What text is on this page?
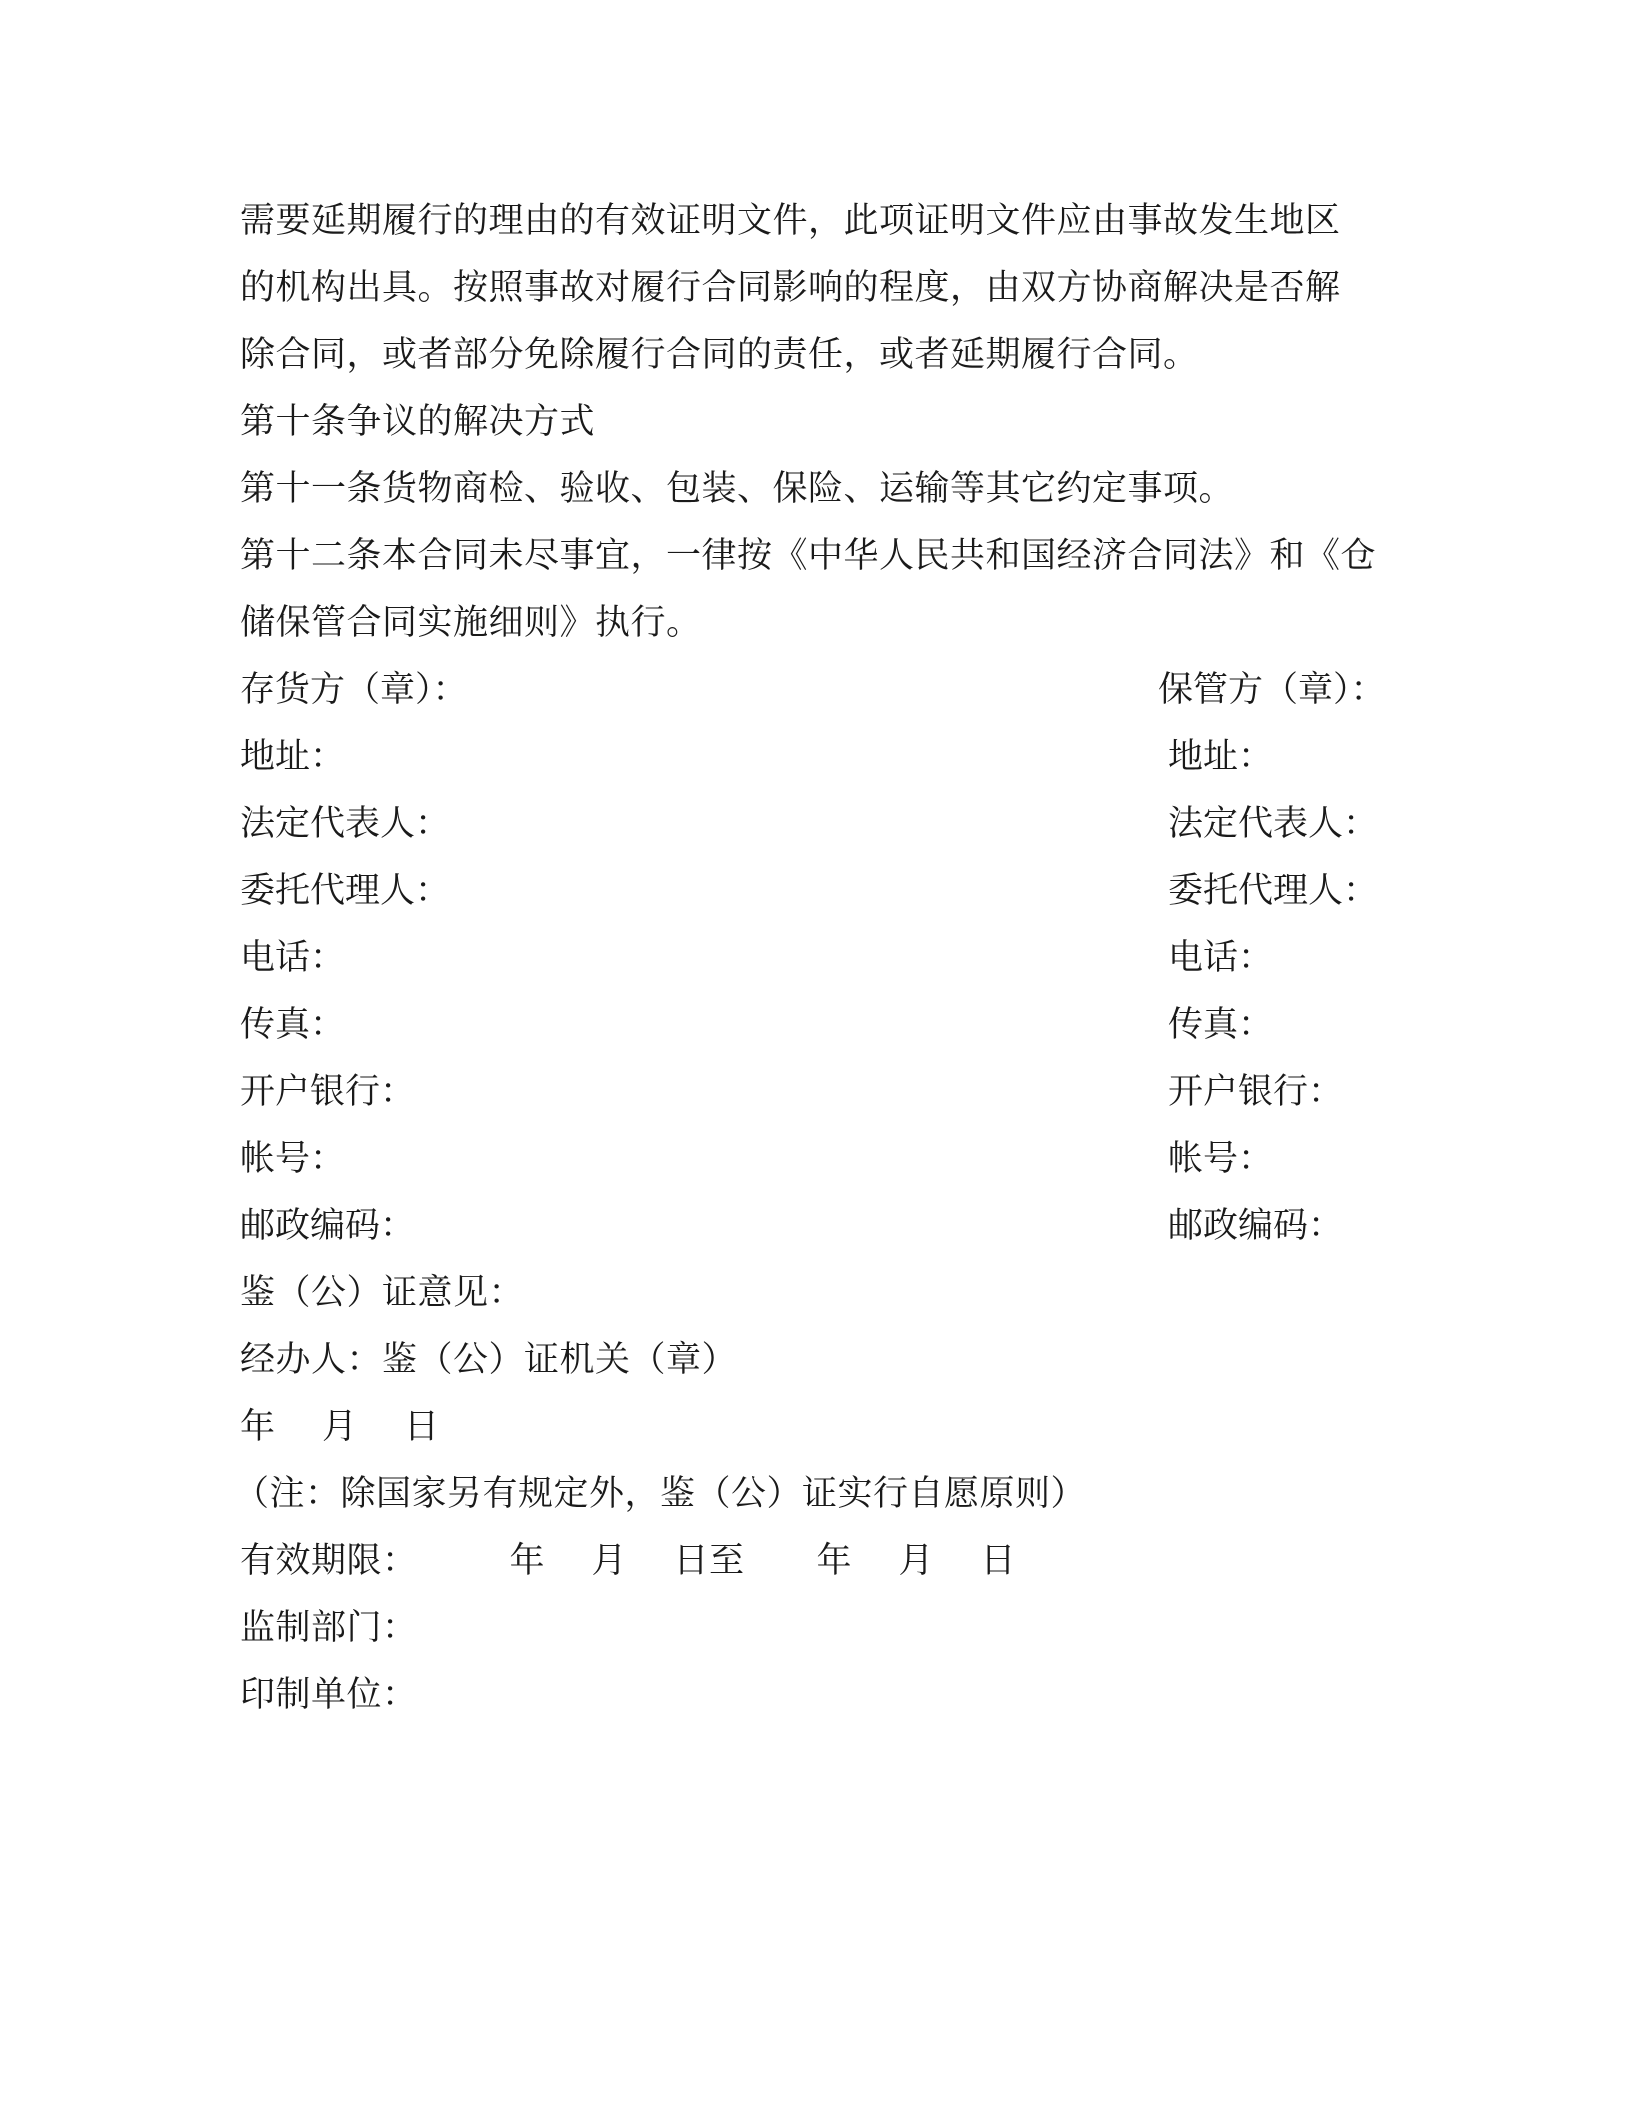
需要延期履行的理由的有效证明文件，此项证明文件应由事故发生地区
的机构出具。按照事故对履行合同影响的程度，由双方协商解决是否解
除合同，或者部分免除履行合同的责任，或者延期履行合同。
第十条争议的解决方式
第十一条货物商检、验收、包装、保险、运输等其它约定事项。
第十二条本合同未尽事宜，一律按《中华人民共和国经济合同法》和《仓
储保管合同实施细则》执行。
存货方（章）：	保管方（章）：
地址：	地址：
法定代表人：	法定代表人：
委托代理人：	委托代理人：
电话：	电话：
传真：	传真：
开户银行：	开户银行：
帐号：	帐号：
邮政编码：	邮政编码：
鉴（公）证意见：
经办人：鉴（公）证机关（章）
年    月    日
（注：除国家另有规定外，鉴（公）证实行自愿原则）
有效期限：	年    月    日至 年    月    日
监制部门：
印制单位：
